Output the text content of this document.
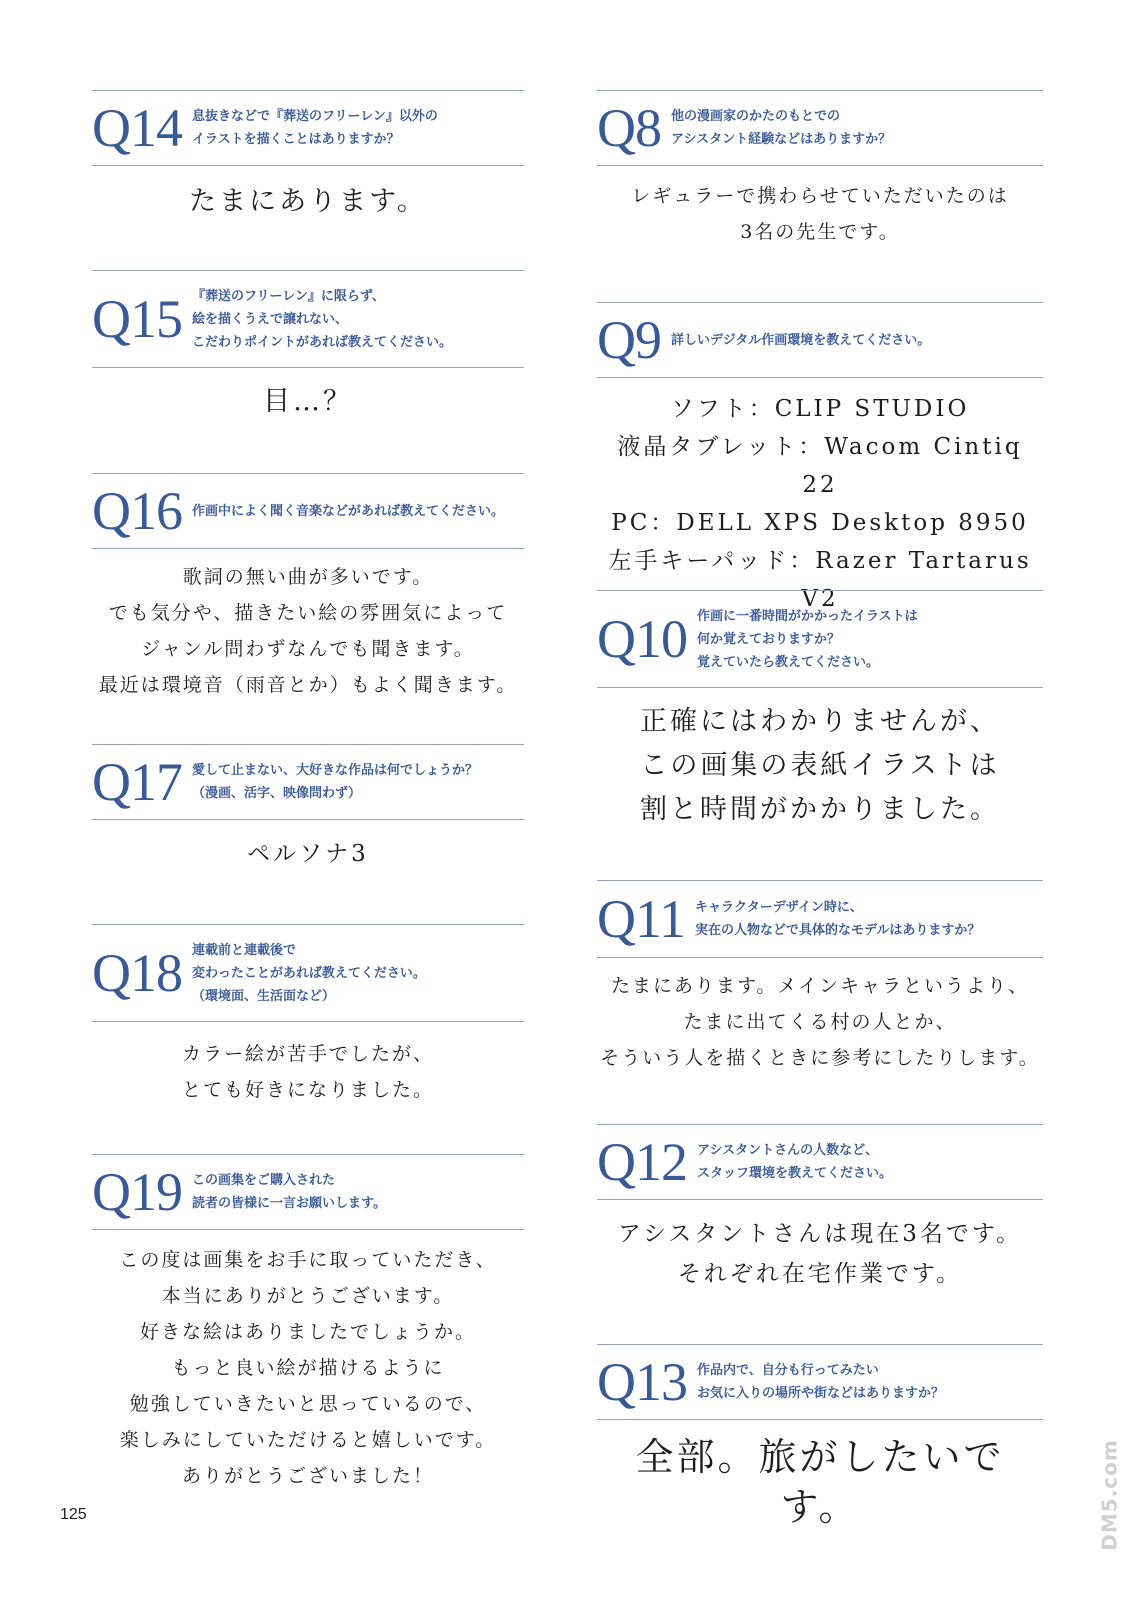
Q14 息抜きなどで『葬送のフリーレン』以外の
イラストを描くことはありますか？
たまにあります。
Q15 『葬送のフリーレン』に限らず、
絵を描くうえで譲れない、
こだわりポイントがあれば教えてください。
目…？
Q16 作画中によく聞く音楽などがあれば教えてください。
歌詞の無い曲が多いです。
でも気分や、描きたい絵の雰囲気によって
ジャンル問わずなんでも聞きます。
最近は環境音（雨音とか）もよく聞きます。
Q17 愛して止まない、大好きな作品は何でしょうか？
（漫画、活字、映像問わず）
ペルソナ3
Q18 連載前と連載後で
変わったことがあれば教えてください。
（環境面、生活面など）
カラー絵が苦手でしたが、
とても好きになりました。
Q19 この画集をご購入された
読者の皆様に一言お願いします。
この度は画集をお手に取っていただき、
本当にありがとうございます。
好きな絵はありましたでしょうか。
もっと良い絵が描けるように
勉強していきたいと思っているので、
楽しみにしていただけると嬉しいです。
ありがとうございました！
Q8 他の漫画家のかたのもとでの
アシスタント経験などはありますか？
レギュラーで携わらせていただいたのは
3名の先生です。
Q9 詳しいデジタル作画環境を教えてください。
ソフト：CLIP STUDIO
液晶タブレット：Wacom Cintiq 22
PC：DELL XPS Desktop 8950
左手キーパッド：Razer Tartarus V2
Q10 作画に一番時間がかかったイラストは
何か覚えておりますか？
覚えていたら教えてください。
正確にはわかりませんが、
この画集の表紙イラストは
割と時間がかかりました。
Q11 キャラクターデザイン時に、
実在の人物などで具体的なモデルはありますか？
たまにあります。メインキャラというより、
たまに出てくる村の人とか、
そういう人を描くときに参考にしたりします。
Q12 アシスタントさんの人数など、
スタッフ環境を教えてください。
アシスタントさんは現在3名です。
それぞれ在宅作業です。
Q13 作品内で、自分も行ってみたい
お気に入りの場所や街などはありますか？
全部。旅がしたいです。
125	DM5.com
